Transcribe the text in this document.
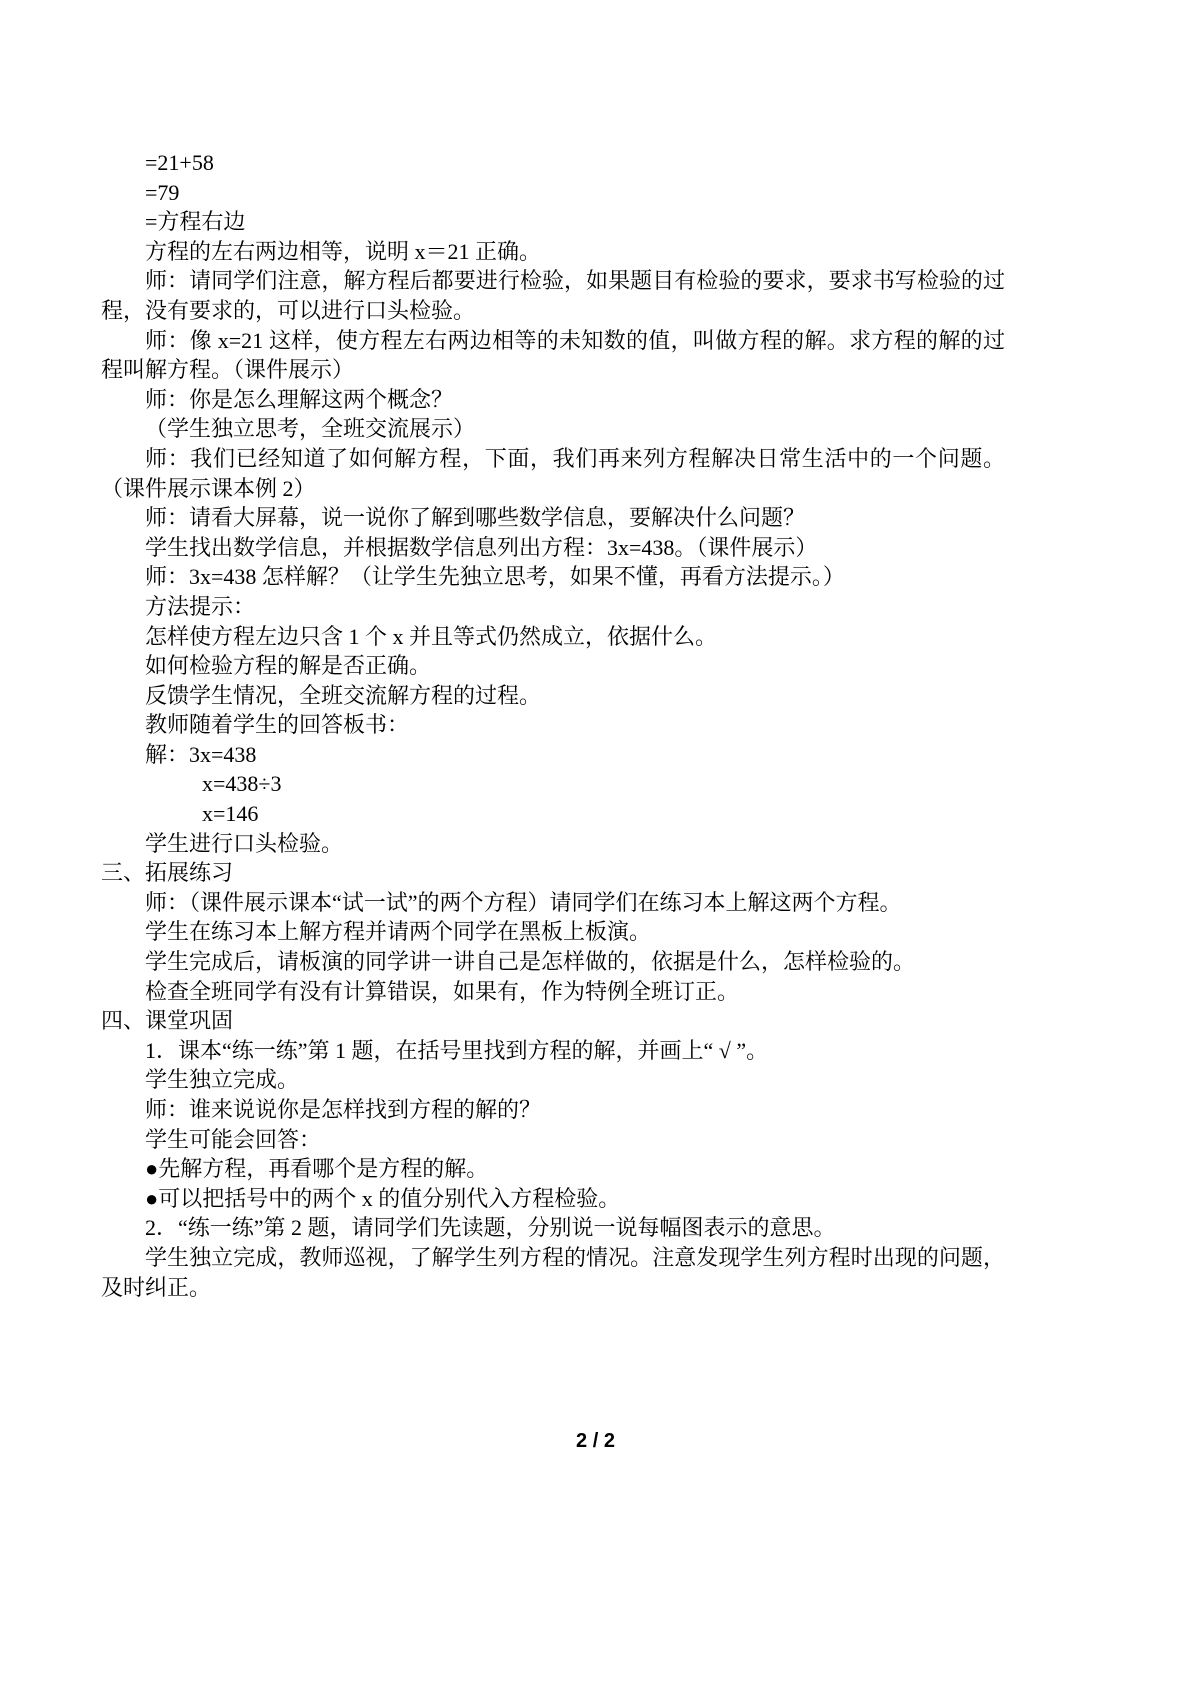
=21+58

=79

=方程右边

方程的左右两边相等，说明 x＝21 正确。

师：请同学们注意，解方程后都要进行检验，如果题目有检验的要求，要求书写检验的过程，没有要求的，可以进行口头检验。

师：像 x=21 这样，使方程左右两边相等的未知数的值，叫做方程的解。求方程的解的过程叫解方程。（课件展示）

师：你是怎么理解这两个概念？

（学生独立思考，全班交流展示）

师：我们已经知道了如何解方程，下面，我们再来列方程解决日常生活中的一个问题。（课件展示课本例 2）

师：请看大屏幕，说一说你了解到哪些数学信息，要解决什么问题？

学生找出数学信息，并根据数学信息列出方程：3x=438。（课件展示）

师：3x=438 怎样解？（让学生先独立思考，如果不懂，再看方法提示。）

方法提示：

怎样使方程左边只含 1 个 x 并且等式仍然成立，依据什么。

如何检验方程的解是否正确。

反馈学生情况，全班交流解方程的过程。

教师随着学生的回答板书：

解：3x=438

x=438÷3

x=146

学生进行口头检验。

三、拓展练习

师：（课件展示课本“试一试”的两个方程）请同学们在练习本上解这两个方程。

学生在练习本上解方程并请两个同学在黑板上板演。

学生完成后，请板演的同学讲一讲自己是怎样做的，依据是什么，怎样检验的。

检查全班同学有没有计算错误，如果有，作为特例全班订正。

四、课堂巩固

1．课本“练一练”第 1 题，在括号里找到方程的解，并画上“ √ ”。

学生独立完成。

师：谁来说说你是怎样找到方程的解的？

学生可能会回答：

●先解方程，再看哪个是方程的解。

●可以把括号中的两个 x 的值分别代入方程检验。

2．“练一练”第 2 题，请同学们先读题，分别说一说每幅图表示的意思。

学生独立完成，教师巡视，了解学生列方程的情况。注意发现学生列方程时出现的问题，及时纠正。

2 / 2
